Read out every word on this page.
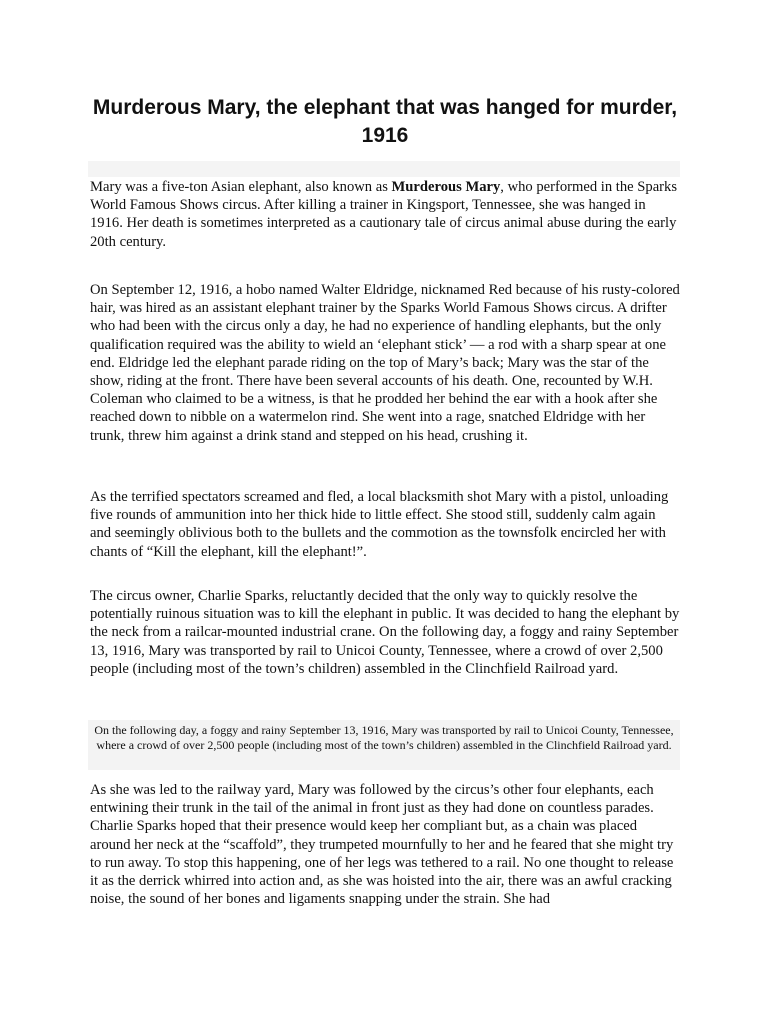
Murderous Mary, the elephant that was hanged for murder, 1916

Mary was a five-ton Asian elephant, also known as Murderous Mary, who performed in the Sparks World Famous Shows circus. After killing a trainer in Kingsport, Tennessee, she was hanged in 1916. Her death is sometimes interpreted as a cautionary tale of circus animal abuse during the early 20th century.

On September 12, 1916, a hobo named Walter Eldridge, nicknamed Red because of his rusty-colored hair, was hired as an assistant elephant trainer by the Sparks World Famous Shows circus. A drifter who had been with the circus only a day, he had no experience of handling elephants, but the only qualification required was the ability to wield an ‘elephant stick’ — a rod with a sharp spear at one end. Eldridge led the elephant parade riding on the top of Mary’s back; Mary was the star of the show, riding at the front. There have been several accounts of his death. One, recounted by W.H. Coleman who claimed to be a witness, is that he prodded her behind the ear with a hook after she reached down to nibble on a watermelon rind. She went into a rage, snatched Eldridge with her trunk, threw him against a drink stand and stepped on his head, crushing it.

As the terrified spectators screamed and fled, a local blacksmith shot Mary with a pistol, unloading five rounds of ammunition into her thick hide to little effect. She stood still, suddenly calm again and seemingly oblivious both to the bullets and the commotion as the townsfolk encircled her with chants of “Kill the elephant, kill the elephant!”.

The circus owner, Charlie Sparks, reluctantly decided that the only way to quickly resolve the potentially ruinous situation was to kill the elephant in public. It was decided to hang the elephant by the neck from a railcar-mounted industrial crane. On the following day, a foggy and rainy September 13, 1916, Mary was transported by rail to Unicoi County, Tennessee, where a crowd of over 2,500 people (including most of the town’s children) assembled in the Clinchfield Railroad yard.

On the following day, a foggy and rainy September 13, 1916, Mary was transported by rail to Unicoi County, Tennessee, where a crowd of over 2,500 people (including most of the town’s children) assembled in the Clinchfield Railroad yard.

As she was led to the railway yard, Mary was followed by the circus’s other four elephants, each entwining their trunk in the tail of the animal in front just as they had done on countless parades. Charlie Sparks hoped that their presence would keep her compliant but, as a chain was placed around her neck at the “scaffold”, they trumpeted mournfully to her and he feared that she might try to run away. To stop this happening, one of her legs was tethered to a rail. No one thought to release it as the derrick whirred into action and, as she was hoisted into the air, there was an awful cracking noise, the sound of her bones and ligaments snapping under the strain. She had
